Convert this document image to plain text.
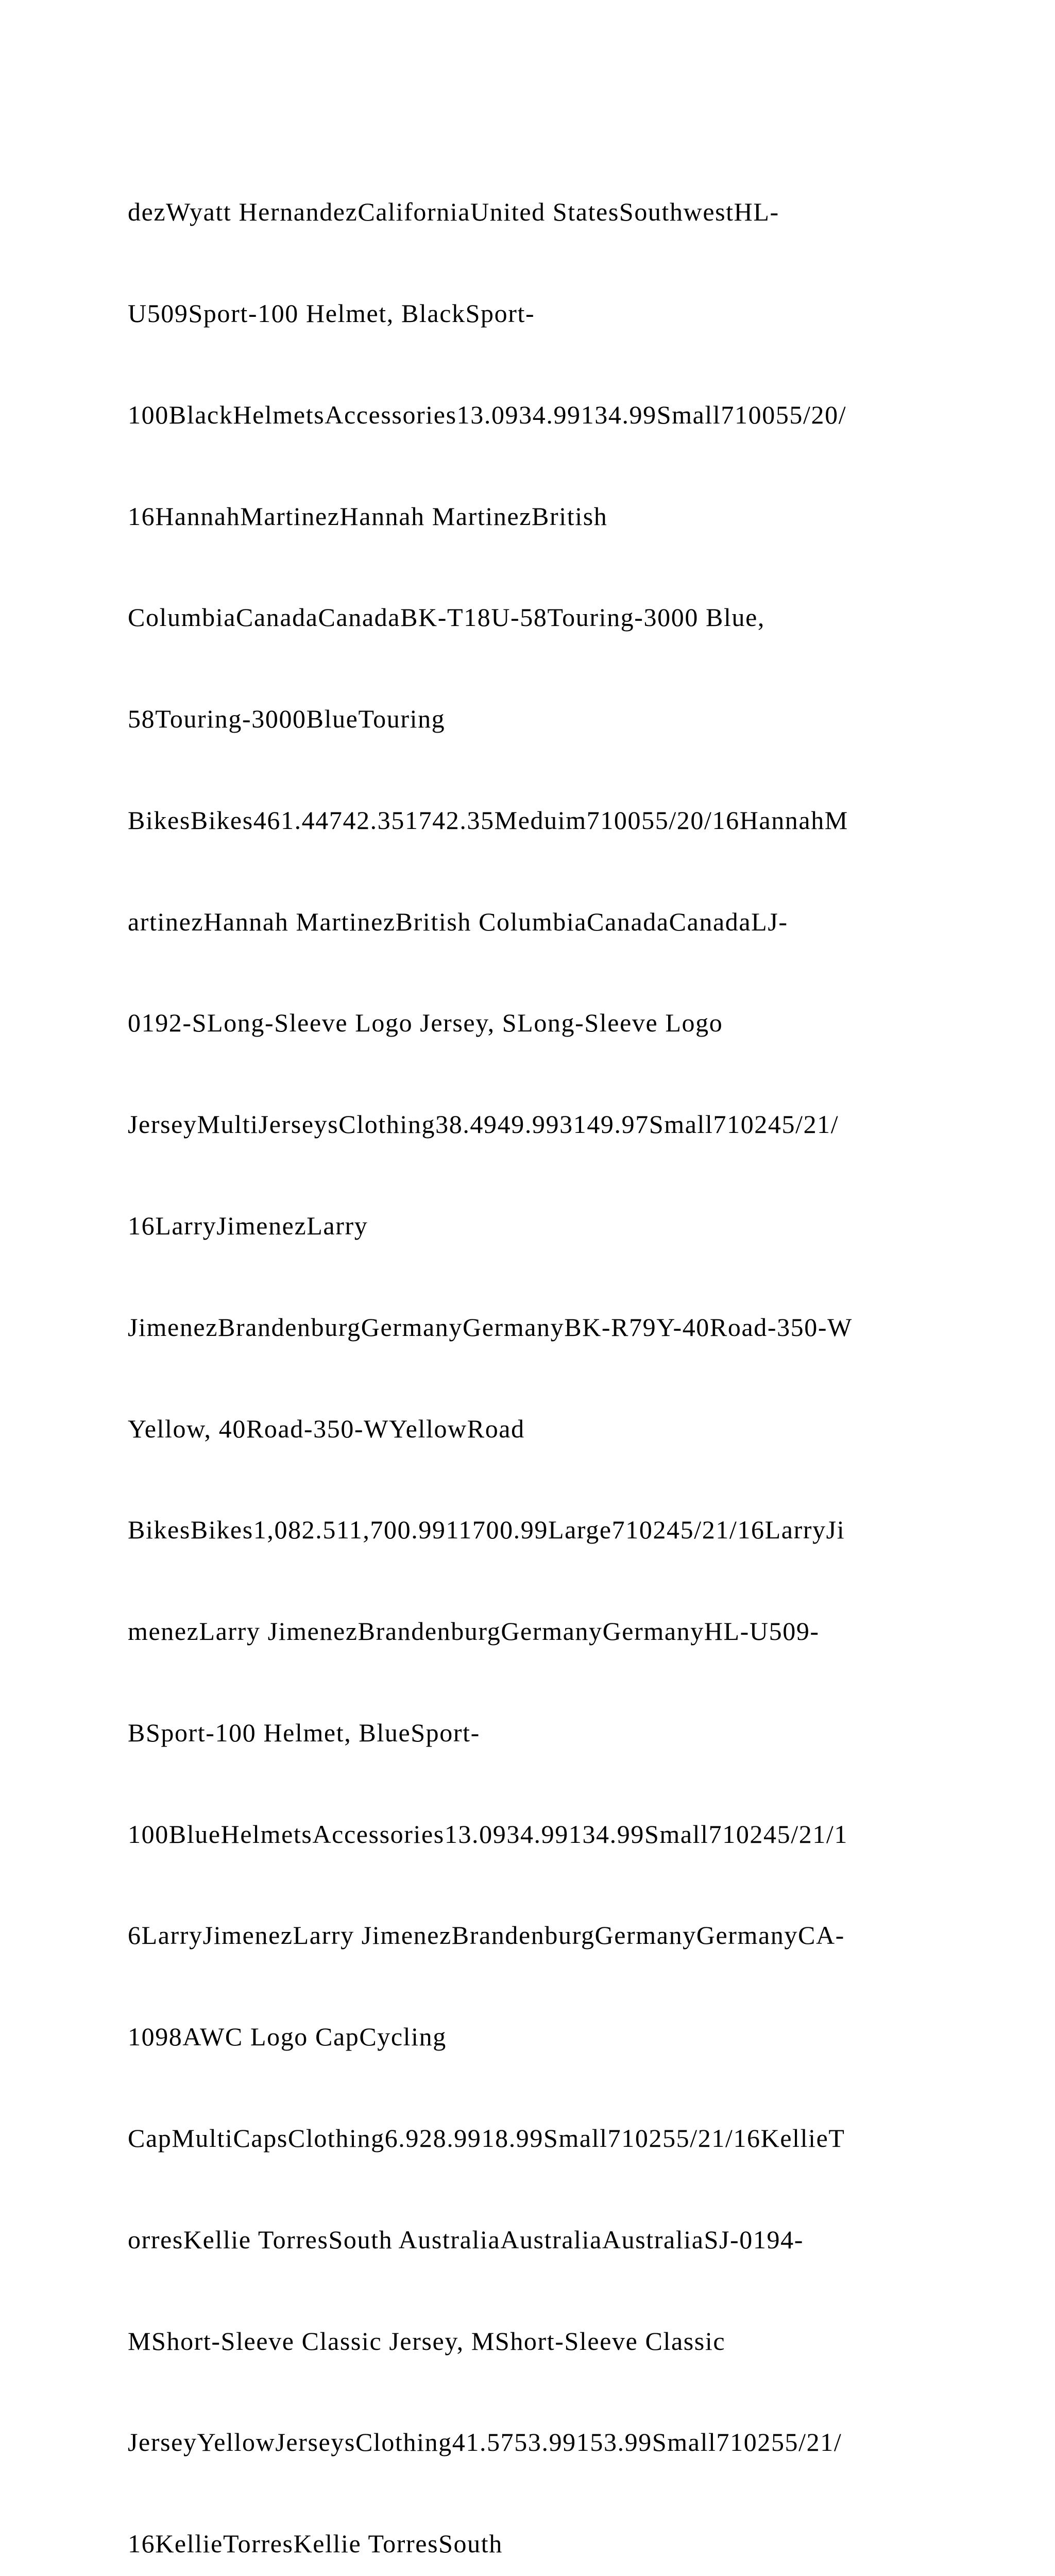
dezWyatt HernandezCaliforniaUnited StatesSouthwestHL-

U509Sport-100 Helmet, BlackSport-

100BlackHelmetsAccessories13.0934.99134.99Small710055/20/

16HannahMartinezHannah MartinezBritish

ColumbiaCanadaCanadaBK-T18U-58Touring-3000 Blue,

58Touring-3000BlueTouring

BikesBikes461.44742.351742.35Meduim710055/20/16HannahM

artinezHannah MartinezBritish ColumbiaCanadaCanadaLJ-

0192-SLong-Sleeve Logo Jersey, SLong-Sleeve Logo

JerseyMultiJerseysClothing38.4949.993149.97Small710245/21/

16LarryJimenezLarry

JimenezBrandenburgGermanyGermanyBK-R79Y-40Road-350-W

Yellow, 40Road-350-WYellowRoad

BikesBikes1,082.511,700.9911700.99Large710245/21/16LarryJi

menezLarry JimenezBrandenburgGermanyGermanyHL-U509-

BSport-100 Helmet, BlueSport-

100BlueHelmetsAccessories13.0934.99134.99Small710245/21/1

6LarryJimenezLarry JimenezBrandenburgGermanyGermanyCA-

1098AWC Logo CapCycling

CapMultiCapsClothing6.928.9918.99Small710255/21/16KellieT

orresKellie TorresSouth AustraliaAustraliaAustraliaSJ-0194-

MShort-Sleeve Classic Jersey, MShort-Sleeve Classic

JerseyYellowJerseysClothing41.5753.99153.99Small710255/21/

16KellieTorresKellie TorresSouth
